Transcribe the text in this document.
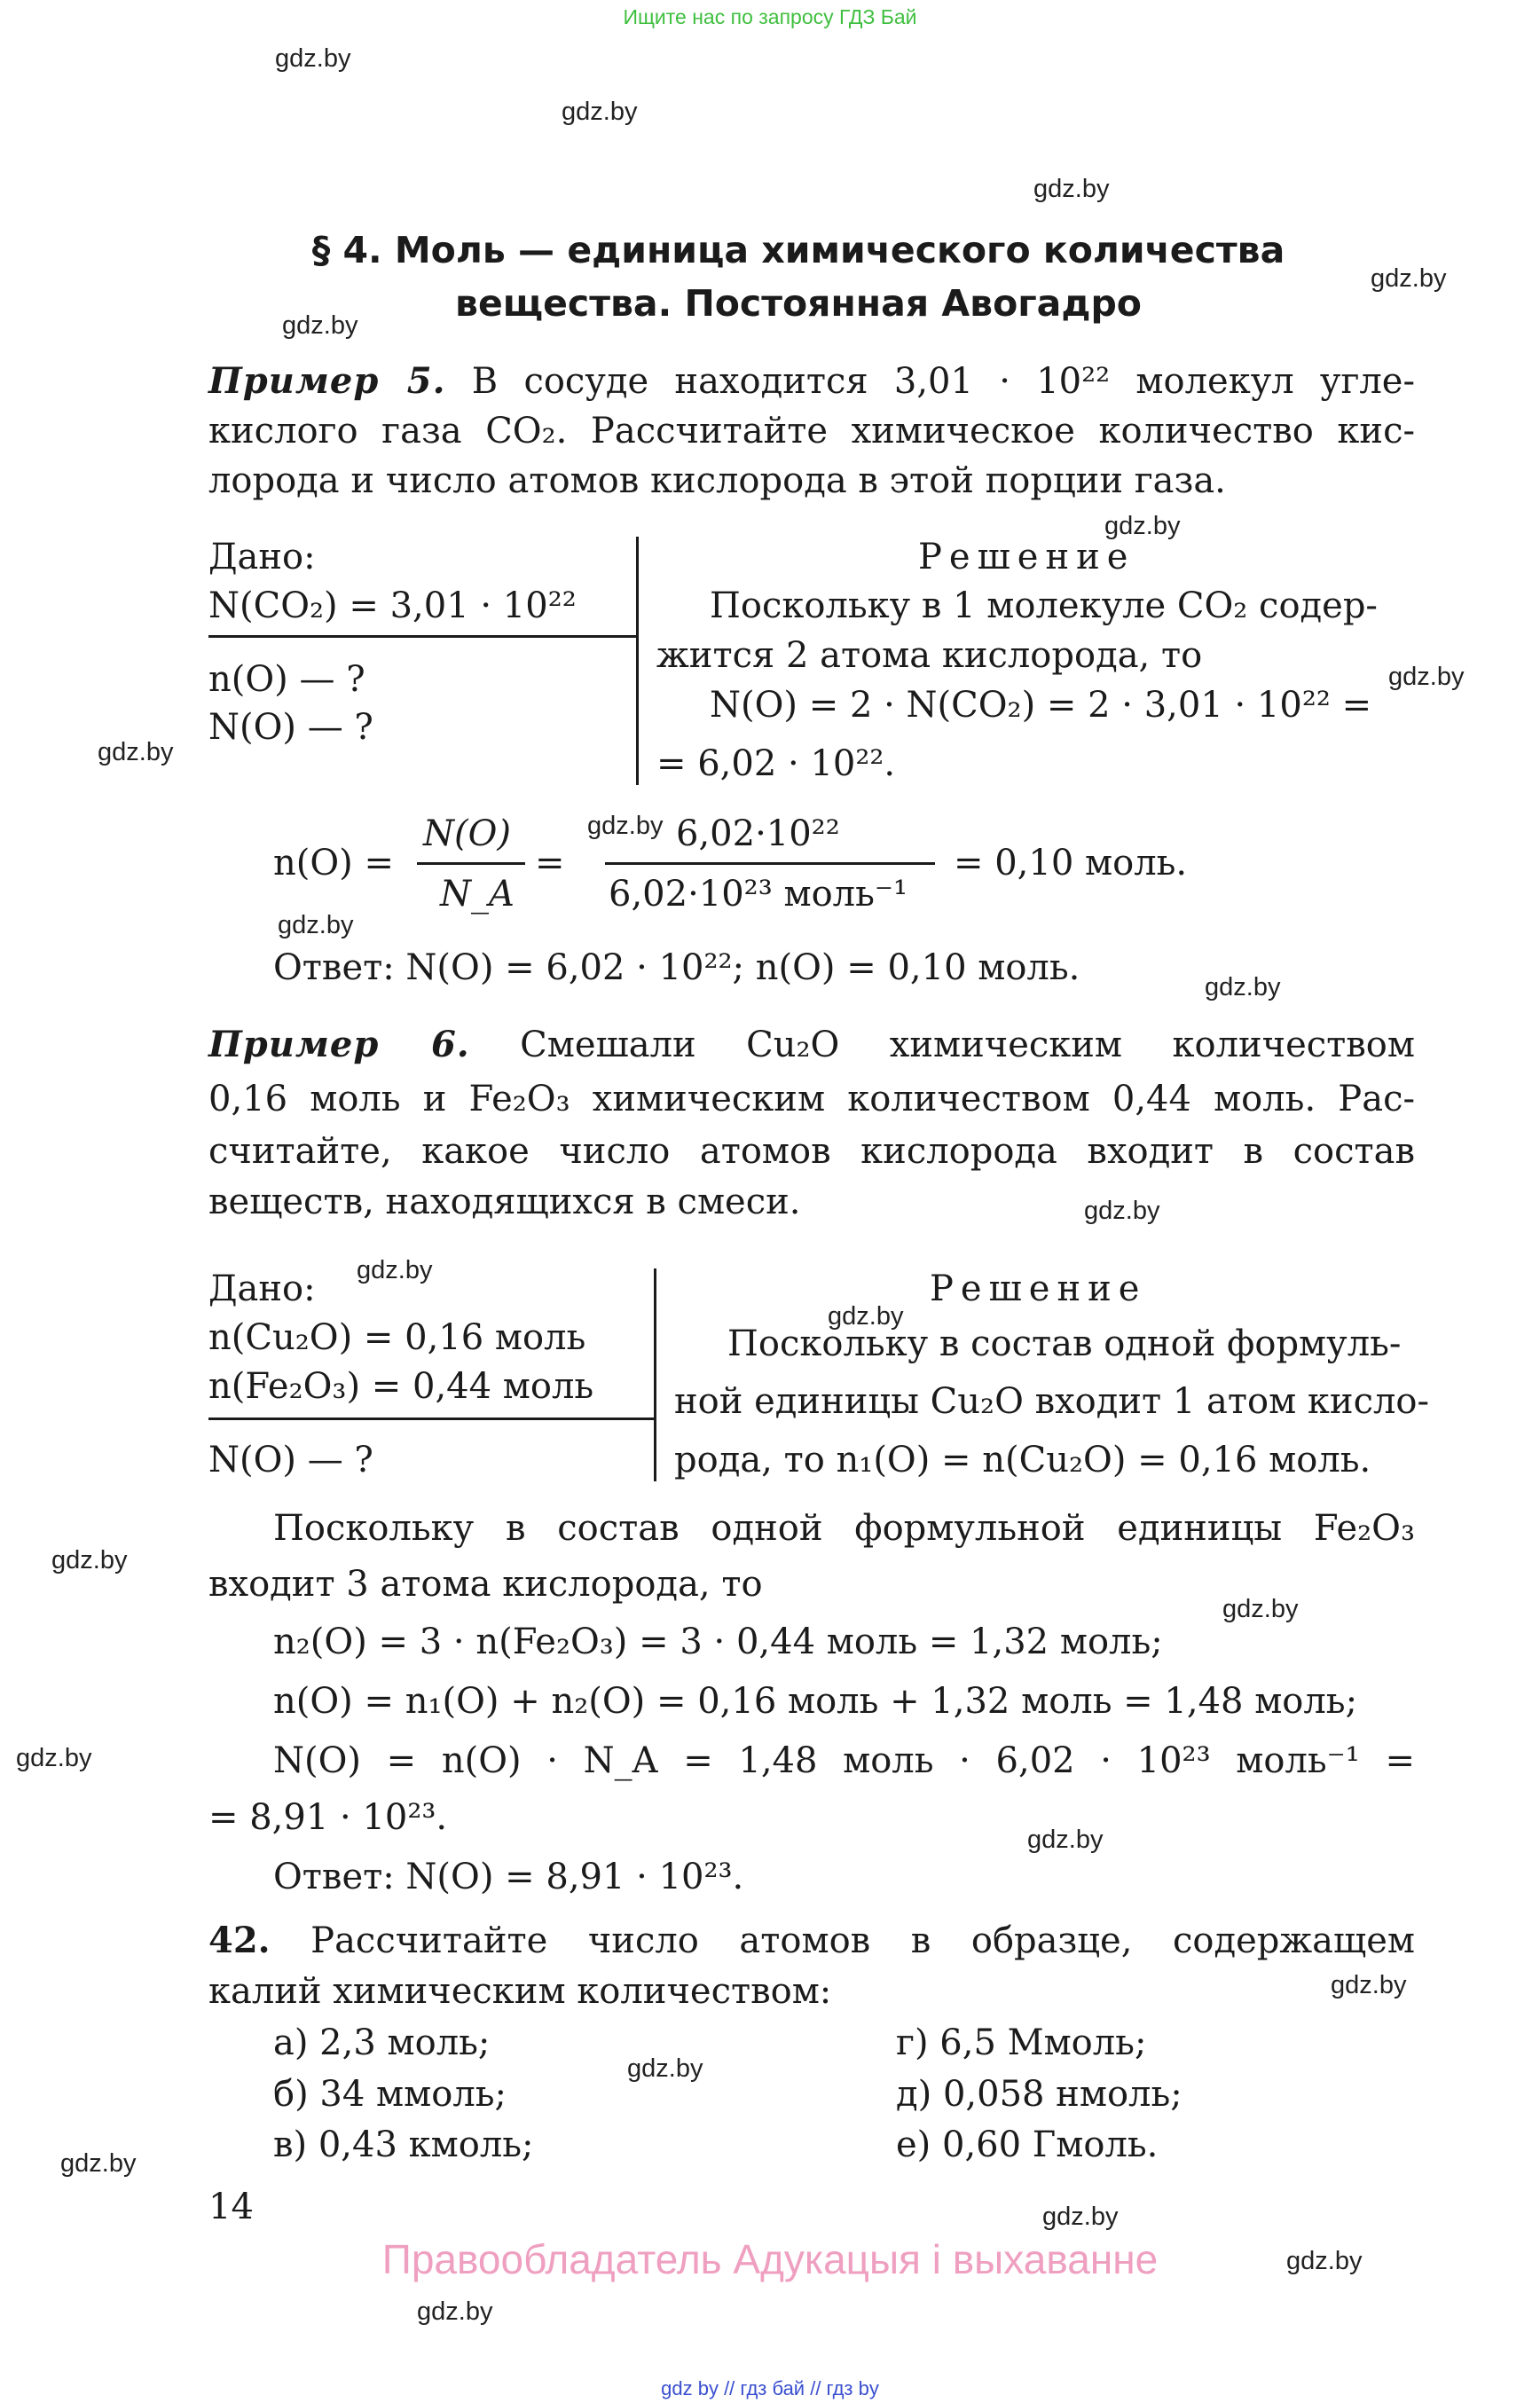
Ищите нас по запросу ГДЗ Бай
gdz.by
gdz.by
gdz.by
gdz.by
gdz.by
gdz.by
gdz.by
gdz.by
gdz.by
gdz.by
gdz.by
gdz.by
gdz.by
gdz.by
gdz.by
gdz.by
gdz.by
gdz.by
gdz.by
gdz.by
gdz.by
gdz.by
gdz.by
gdz.by
§ 4. Моль — единица химического количества
вещества. Постоянная Авогадро
Пример 5. В сосуде находится 3,01 · 10²² молекул угле-
кислого газа CO₂. Рассчитайте химическое количество кис-
лорода и число атомов кислорода в этой порции газа.
Дано:
N(CO₂) = 3,01 · 10²²
n(O) — ?
N(O) — ?
Решение
Поскольку в 1 молекуле CO₂ содер-
жится 2 атома кислорода, то
N(O) = 2 · N(CO₂) = 2 · 3,01 · 10²² =
= 6,02 · 10²².
n(O) =
N(O)
N_A
=
6,02·10²²
6,02·10²³ моль⁻¹
= 0,10 моль.
Ответ: N(O) = 6,02 · 10²²; n(O) = 0,10 моль.
Пример 6. Смешали Cu₂O химическим количеством
0,16 моль и Fe₂O₃ химическим количеством 0,44 моль. Рас-
считайте, какое число атомов кислорода входит в состав
веществ, находящихся в смеси.
Дано:
n(Cu₂O) = 0,16 моль
n(Fe₂O₃) = 0,44 моль
N(O) — ?
Решение
Поскольку в состав одной формуль-
ной единицы Cu₂O входит 1 атом кисло-
рода, то n₁(O) = n(Cu₂O) = 0,16 моль.
Поскольку в состав одной формульной единицы Fe₂O₃
входит 3 атома кислорода, то
n₂(O) = 3 · n(Fe₂O₃) = 3 · 0,44 моль = 1,32 моль;
n(O) = n₁(O) + n₂(O) = 0,16 моль + 1,32 моль = 1,48 моль;
N(O) = n(O) · N_A = 1,48 моль · 6,02 · 10²³ моль⁻¹ =
= 8,91 · 10²³.
Ответ: N(O) = 8,91 · 10²³.
42. Рассчитайте число атомов в образце, содержащем
калий химическим количеством:
а) 2,3 моль;
б) 34 ммоль;
в) 0,43 кмоль;
г) 6,5 Ммоль;
д) 0,058 нмоль;
е) 0,60 Гмоль.
14
Правообладатель Адукацыя і выхаванне
gdz by // гдз бай // гдз by
